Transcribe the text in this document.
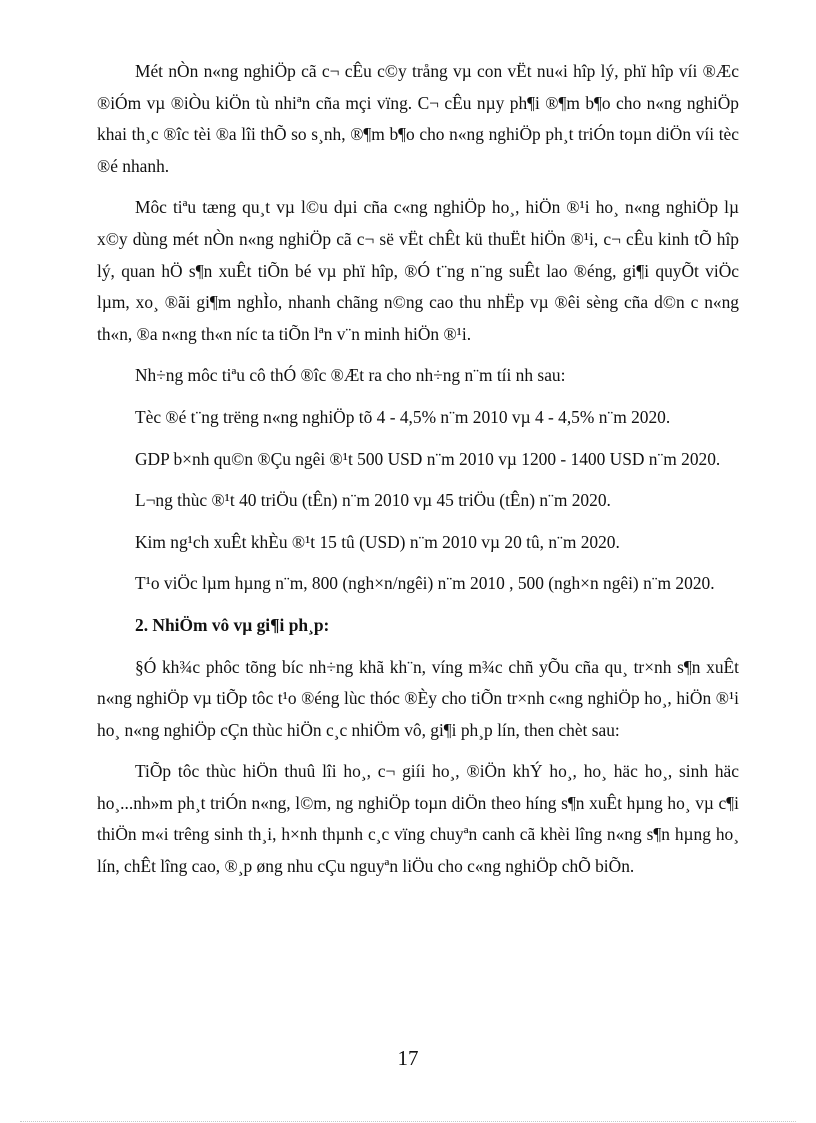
Mét nÒn n«ng nghiÖp cã c¬ cÊu c©y trång vµ con vËt nu«i hîp lý, phï hîp víi ®Æc ®iÓm vµ ®iÒu kiÖn tù nhiªn cña mçi vïng. C¬ cÊu nµy ph¶i ®¶m b¶o cho n«ng nghiÖp khai th¸c ®îc tèi ®a lîi thÕ so s¸nh, ®¶m b¶o cho n«ng nghiÖp ph¸t triÓn toµn diÖn víi tèc ®é nhanh.

Môc tiªu tæng qu¸t vµ l©u dµi cña c«ng nghiÖp ho¸, hiÖn ®¹i ho¸ n«ng nghiÖp lµ x©y dùng mét nÒn n«ng nghiÖp cã c¬ së vËt chÊt kü thuËt hiÖn ®¹i, c¬ cÊu kinh tÕ hîp lý, quan hÖ s¶n xuÊt tiÕn bé vµ phï hîp, ®Ó t¨ng n¨ng suÊt lao ®éng, gi¶i quyÕt viÖc lµm, xo¸ ®ãi gi¶m nghÌo, nhanh chãng n©ng cao thu nhËp vµ ®êi sèng cña d©n c n«ng th«n, ®a n«ng th«n níc ta tiÕn lªn v¨n minh hiÖn ®¹i.

Nh÷ng môc tiªu cô thÓ ®îc ®Æt ra cho nh÷ng n¨m tíi nh sau:

Tèc ®é t¨ng trëng n«ng nghiÖp tõ 4 - 4,5% n¨m 2010 vµ 4 - 4,5% n¨m 2020.

GDP b×nh qu©n ®Çu ngêi ®¹t 500 USD n¨m 2010 vµ 1200 - 1400 USD n¨m 2020.

L¬ng thùc ®¹t 40 triÖu (tÊn) n¨m 2010 vµ 45 triÖu (tÊn) n¨m 2020.

Kim ng¹ch xuÊt khÈu ®¹t 15 tû (USD) n¨m 2010 vµ 20 tû, n¨m 2020.

T¹o viÖc lµm hµng n¨m, 800 (ngh×n/ngêi) n¨m 2010 , 500 (ngh×n ngêi) n¨m 2020.

2. NhiÖm vô vµ gi¶i ph¸p:

§Ó kh¾c phôc tõng bíc nh÷ng khã kh¨n, víng m¾c chñ yÕu cña qu¸ tr×nh s¶n xuÊt n«ng nghiÖp vµ tiÕp tôc t¹o ®éng lùc thóc ®Èy cho tiÕn tr×nh c«ng nghiÖp ho¸, hiÖn ®¹i ho¸ n«ng nghiÖp cÇn thùc hiÖn c¸c nhiÖm vô, gi¶i ph¸p lín, then chèt sau:

TiÕp tôc thùc hiÖn thuû lîi ho¸, c¬ giíi ho¸, ®iÖn khÝ ho¸, ho¸ häc ho¸, sinh häc ho¸...nh»m ph¸t triÓn n«ng, l©m, ng nghiÖp toµn diÖn theo híng s¶n xuÊt hµng ho¸ vµ c¶i thiÖn m«i trêng sinh th¸i, h×nh thµnh c¸c vïng chuyªn canh cã khèi lîng n«ng s¶n hµng ho¸ lín, chÊt lîng cao, ®¸p øng nhu cÇu nguyªn liÖu cho c«ng nghiÖp chÕ biÕn.

17
